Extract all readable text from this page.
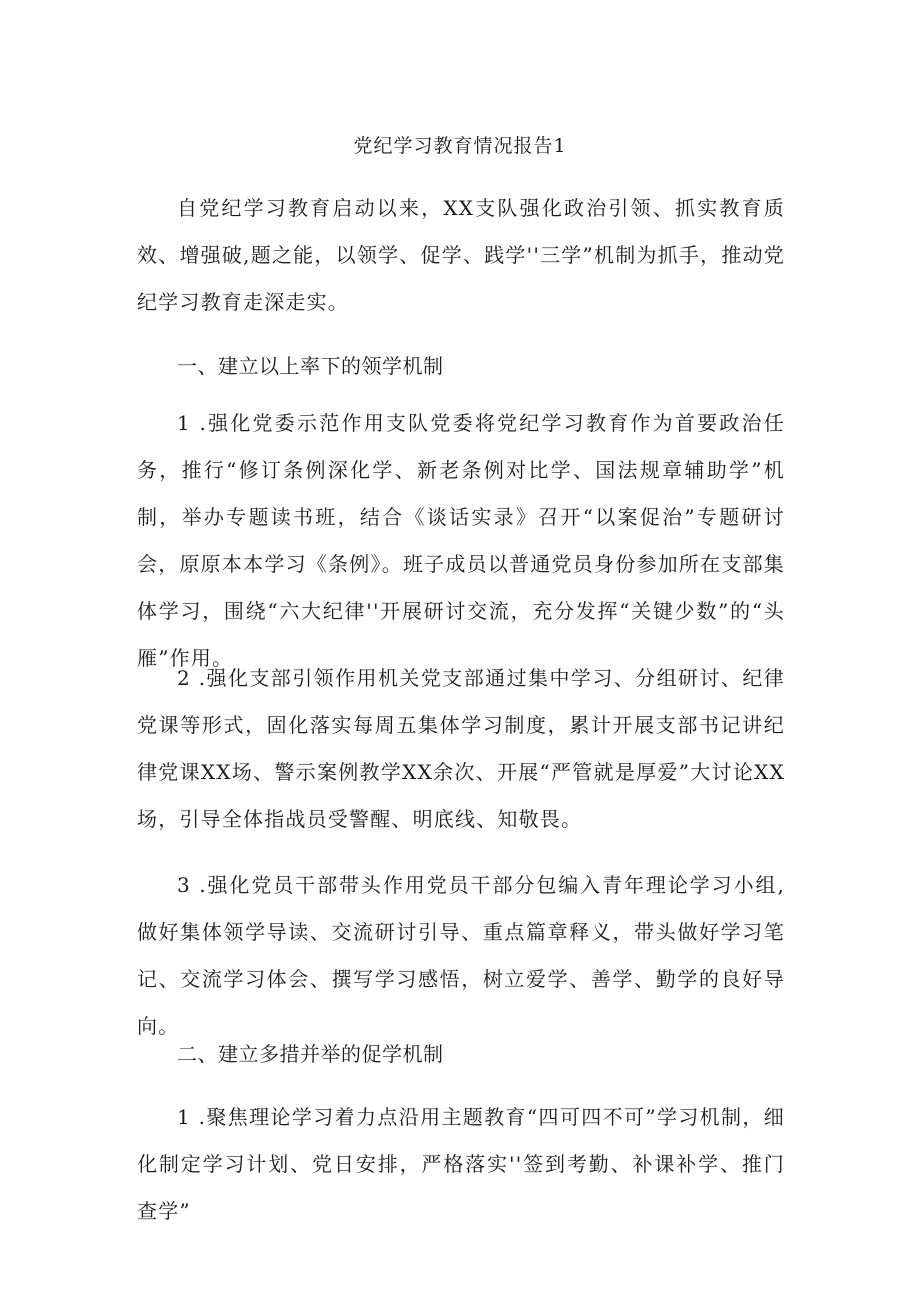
党纪学习教育情况报告1

自党纪学习教育启动以来，XX支队强化政治引领、抓实教育质效、增强破,题之能，以领学、促学、践学''三学”机制为抓手，推动党纪学习教育走深走实。

一、建立以上率下的领学机制

1 .强化党委示范作用支队党委将党纪学习教育作为首要政治任务，推行“修订条例深化学、新老条例对比学、国法规章辅助学”机制，举办专题读书班，结合《谈话实录》召开“以案促治”专题研讨会，原原本本学习《条例》。班子成员以普通党员身份参加所在支部集体学习，围绕“六大纪律''开展研讨交流，充分发挥“关键少数”的“头雁”作用。

2 .强化支部引领作用机关党支部通过集中学习、分组研讨、纪律党课等形式，固化落实每周五集体学习制度，累计开展支部书记讲纪律党课XX场、警示案例教学XX余次、开展“严管就是厚爱”大讨论XX场，引导全体指战员受警醒、明底线、知敬畏。

3 .强化党员干部带头作用党员干部分包编入青年理论学习小组,做好集体领学导读、交流研讨引导、重点篇章释义，带头做好学习笔记、交流学习体会、撰写学习感悟，树立爱学、善学、勤学的良好导向。

二、建立多措并举的促学机制

1 .聚焦理论学习着力点沿用主题教育“四可四不可”学习机制，细化制定学习计划、党日安排，严格落实''签到考勤、补课补学、推门查学”
